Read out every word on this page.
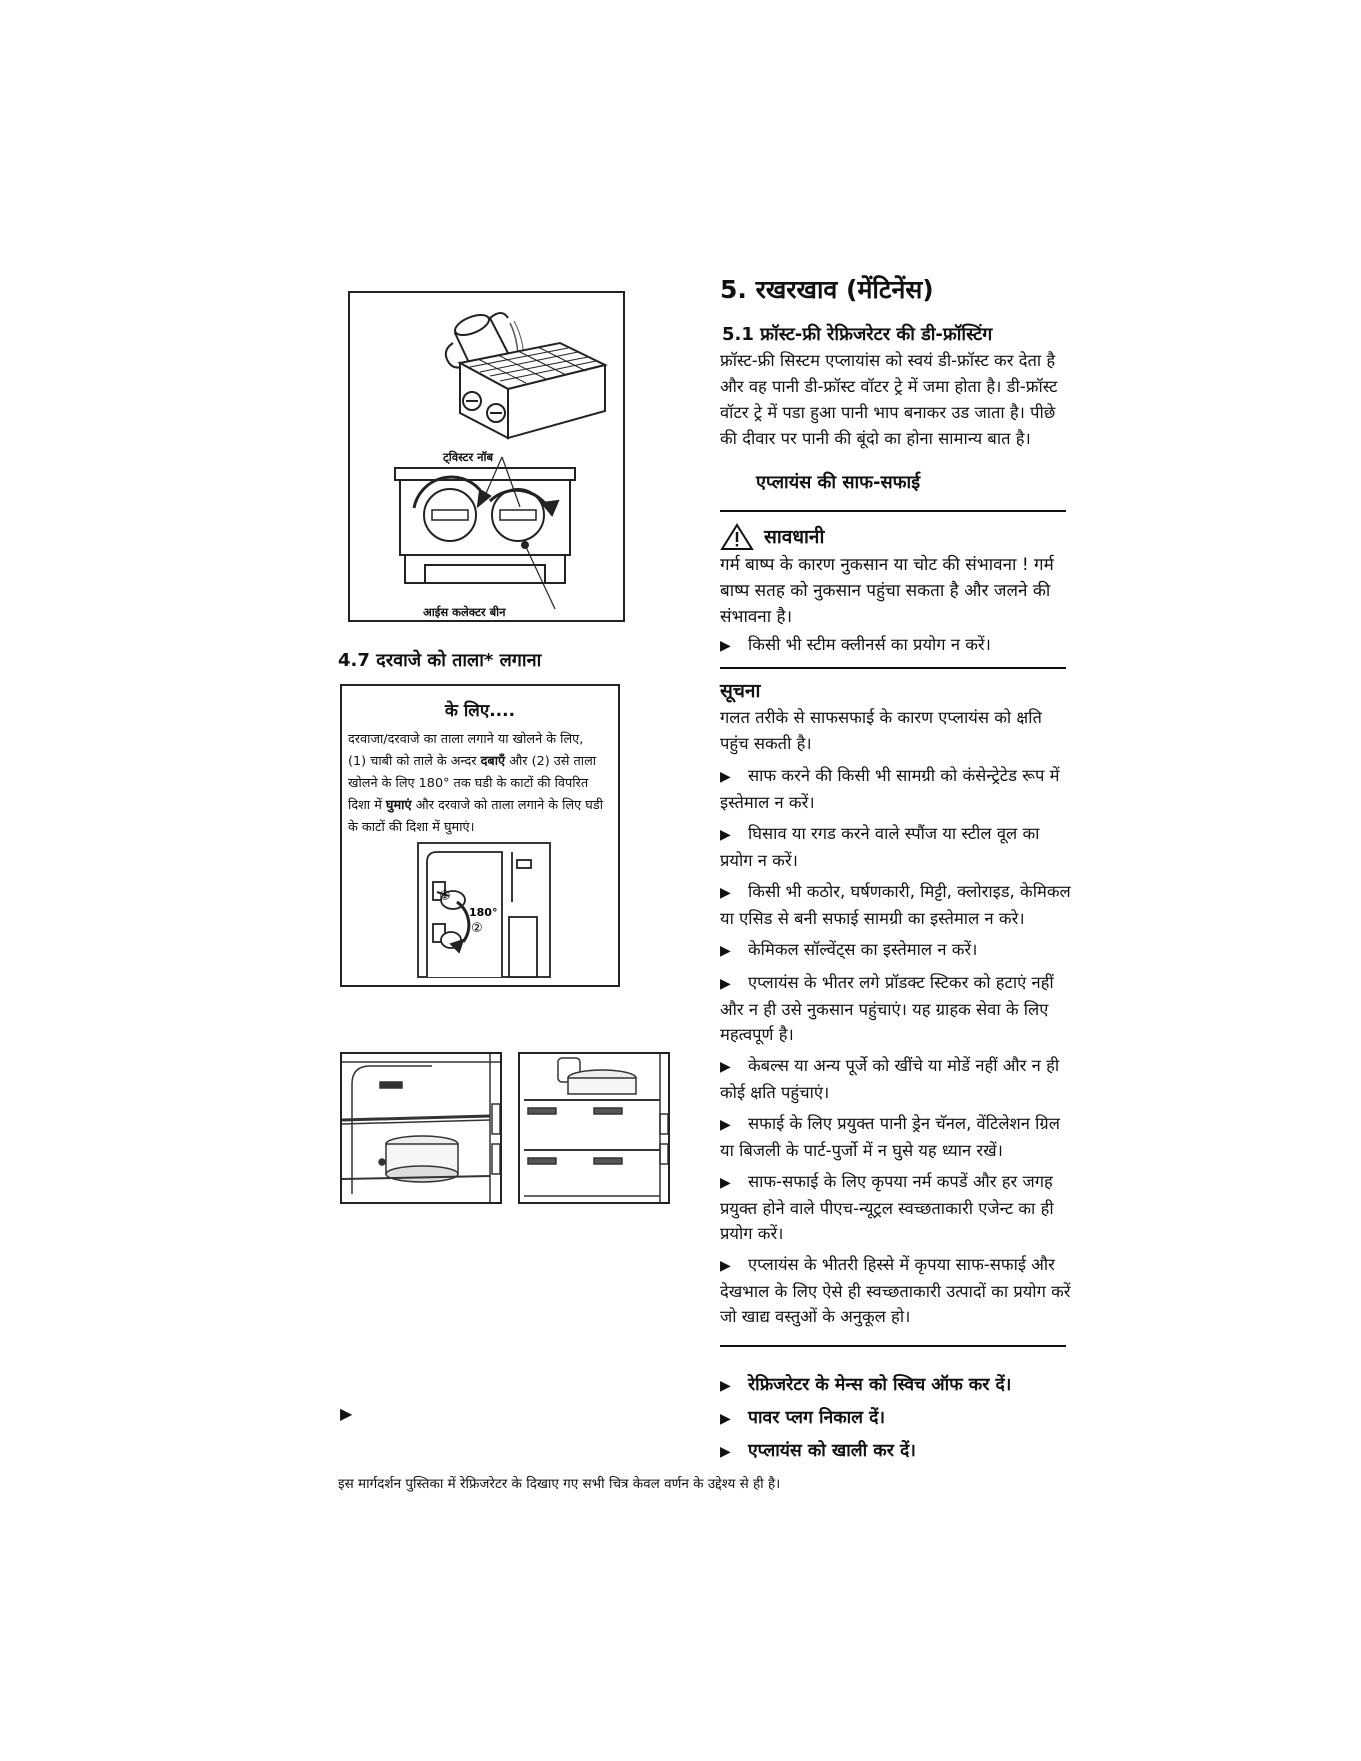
ट्विस्टर नॉब
आईस कलेक्टर बीन
4.7 दरवाजे को ताला* लगाना
के लिए....
दरवाजा/दरवाजे का ताला लगाने या खोलने के लिए,
(1) चाबी को ताले के अन्दर दबाएँ और (2) उसे ताला
खोलने के लिए 180° तक घडी के काटों की विपरित
दिशा में घुमाएं और दरवाजे को ताला लगाने के लिए घडी
के काटों की दिशा में घुमाएं।
①
180°
②
▶
5. रखरखाव (मेंटिनेंस)
5.1 फ्रॉस्ट-फ्री रेफ्रिजरेटर की डी-फ्रॉस्टिंग

फ्रॉस्ट-फ्री सिस्टम एप्लायांस को स्वयं डी-फ्रॉस्ट कर देता है और वह पानी डी-फ्रॉस्ट वॉटर ट्रे में जमा होता है। डी-फ्रॉस्ट वॉटर ट्रे में पडा हुआ पानी भाप बनाकर उड जाता है। पीछे की दीवार पर पानी की बूंदो का होना सामान्य बात है।

एप्लायंस की साफ-सफाई
सावधानी

गर्म बाष्प के कारण नुकसान या चोट की संभावना ! गर्म बाष्प सतह को नुकसान पहुंचा सकता है और जलने की संभावना है।

▶ किसी भी स्टीम क्लीनर्स का प्रयोग न करें।
सूचना

गलत तरीके से साफसफाई के कारण एप्लायंस को क्षति पहुंच सकती है।

▶ साफ करने की किसी भी सामग्री को कंसेन्ट्रेटेड रूप में इस्तेमाल न करें।
▶ घिसाव या रगड करने वाले स्पौंज या स्टील वूल का प्रयोग न करें।
▶ किसी भी कठोर, घर्षणकारी, मिट्टी, क्लोराइड, केमिकल या एसिड से बनी सफाई सामग्री का इस्तेमाल न करे।
▶ केमिकल सॉल्वेंट्स का इस्तेमाल न करें।
▶ एप्लायंस के भीतर लगे प्रॉडक्ट स्टिकर को हटाएं नहीं और न ही उसे नुकसान पहुंचाएं। यह ग्राहक सेवा के लिए महत्वपूर्ण है।
▶ केबल्स या अन्य पूर्जे को खींचे या मोडें नहीं और न ही कोई क्षति पहुंचाएं।
▶ सफाई के लिए प्रयुक्त पानी ड्रेन चॅनल, वेंटिलेशन ग्रिल या बिजली के पार्ट-पुर्जो में न घुसे यह ध्यान रखें।
▶ साफ-सफाई के लिए कृपया नर्म कपडें और हर जगह प्रयुक्त होने वाले पीएच-न्यूट्रल स्वच्छताकारी एजेन्ट का ही प्रयोग करें।
▶ एप्लायंस के भीतरी हिस्से में कृपया साफ-सफाई और देखभाल के लिए ऐसे ही स्वच्छताकारी उत्पादों का प्रयोग करें जो खाद्य वस्तुओं के अनुकूल हो।
▶ रेफ्रिजरेटर के मेन्स को स्विच ऑफ कर दें।
▶ पावर प्लग निकाल दें।
▶ एप्लायंस को खाली कर दें।
इस मार्गदर्शन पुस्तिका में रेफ्रिजरेटर के दिखाए गए सभी चित्र केवल वर्णन के उद्देश्य से ही है।
